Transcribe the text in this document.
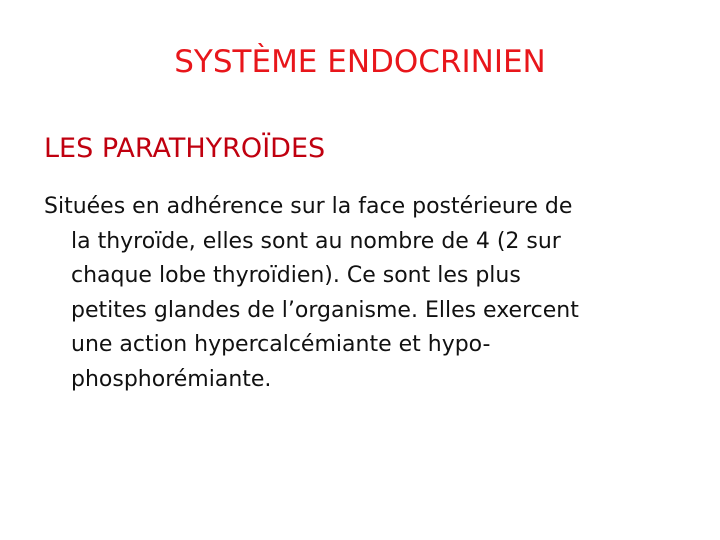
SYSTÈME ENDOCRINIEN
LES PARATHYROÏDES
Situées en adhérence sur la face postérieure de
la thyroïde, elles sont au nombre de 4 (2 sur
chaque lobe thyroïdien). Ce sont les plus
petites glandes de l’organisme. Elles exercent
une action hypercalcémiante et hypo-
phosphorémiante.
